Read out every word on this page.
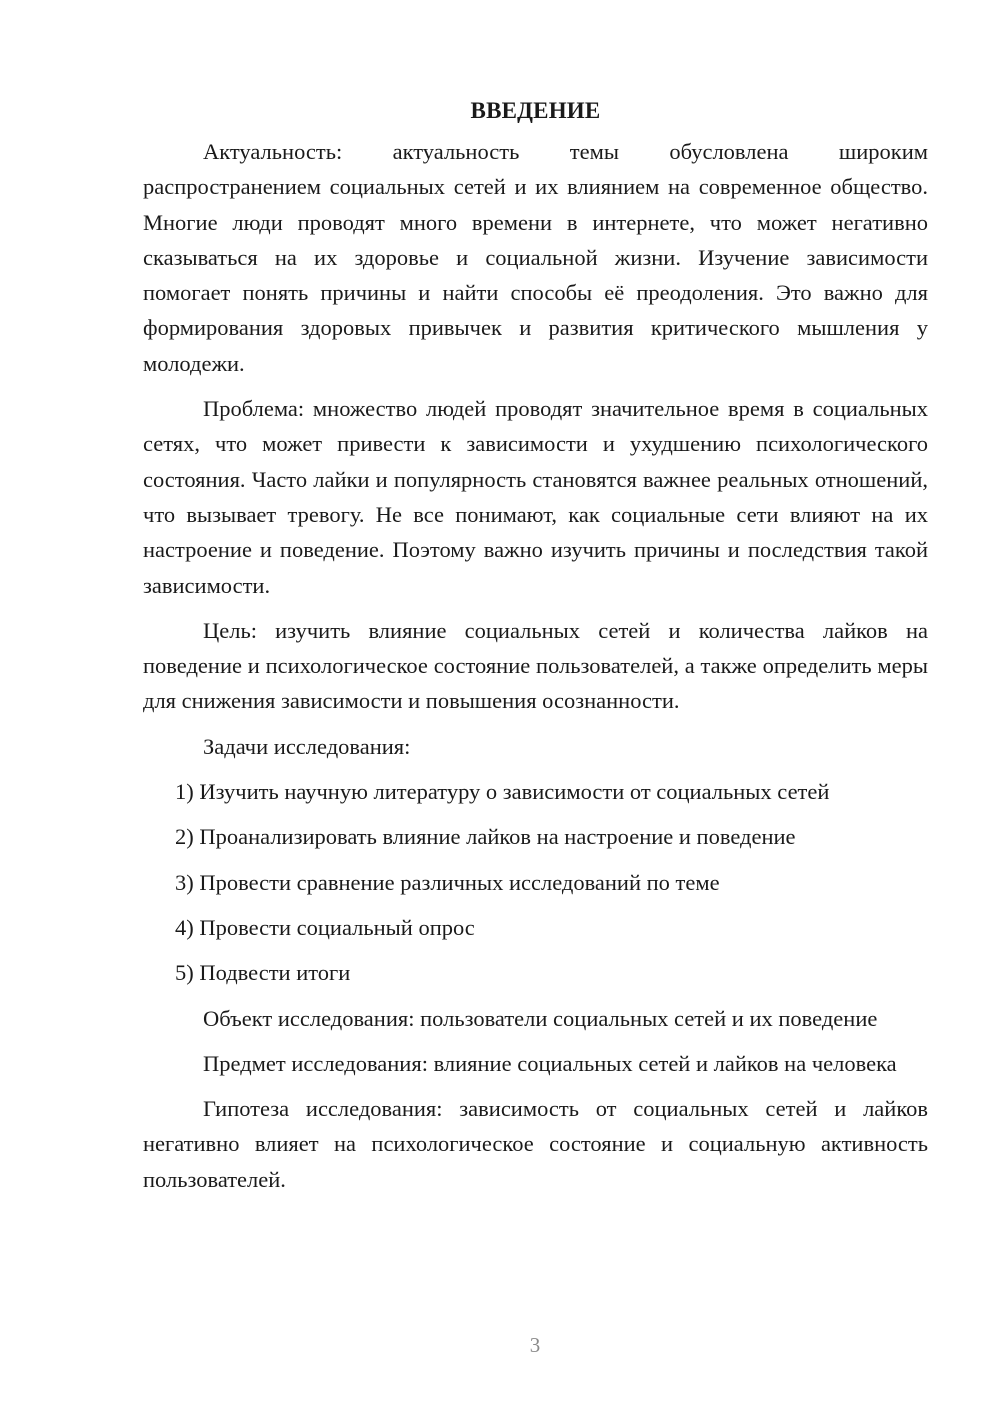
ВВЕДЕНИЕ

Актуальность: актуальность темы обусловлена широким распространением социальных сетей и их влиянием на современное общество. Многие люди проводят много времени в интернете, что может негативно сказываться на их здоровье и социальной жизни. Изучение зависимости помогает понять причины и найти способы её преодоления. Это важно для формирования здоровых привычек и развития критического мышления у молодежи.

Проблема: множество людей проводят значительное время в социальных сетях, что может привести к зависимости и ухудшению психологического состояния. Часто лайки и популярность становятся важнее реальных отношений, что вызывает тревогу. Не все понимают, как социальные сети влияют на их настроение и поведение. Поэтому важно изучить причины и последствия такой зависимости.

Цель: изучить влияние социальных сетей и количества лайков на поведение и психологическое состояние пользователей, а также определить меры для снижения зависимости и повышения осознанности.

Задачи исследования:

1) Изучить научную литературу о зависимости от социальных сетей
2) Проанализировать влияние лайков на настроение и поведение
3) Провести сравнение различных исследований по теме
4) Провести социальный опрос
5) Подвести итоги

Объект исследования: пользователи социальных сетей и их поведение

Предмет исследования: влияние социальных сетей и лайков на человека

Гипотеза исследования: зависимость от социальных сетей и лайков негативно влияет на психологическое состояние и социальную активность пользователей.

3
